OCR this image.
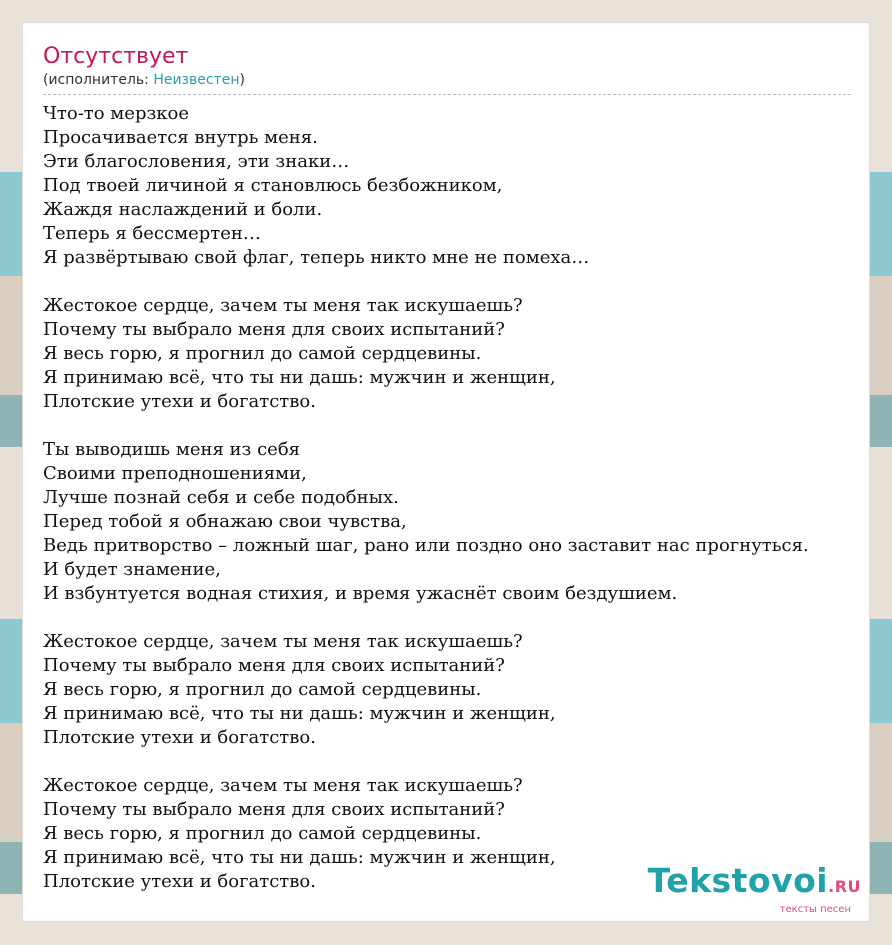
Отсутствует
(исполнитель: Неизвестен)
Что-то мерзкое
Просачивается внутрь меня.
Эти благословения, эти знаки…
Под твоей личиной я становлюсь безбожником,
Жаждя наслаждений и боли.
Теперь я бессмертен…
Я развёртываю свой флаг, теперь никто мне не помеха…
Жестокое сердце, зачем ты меня так искушаешь?
Почему ты выбрало меня для своих испытаний?
Я весь горю, я прогнил до самой сердцевины.
Я принимаю всё, что ты ни дашь: мужчин и женщин,
Плотские утехи и богатство.
Ты выводишь меня из себя
Своими преподношениями,
Лучше познай себя и себе подобных.
Перед тобой я обнажаю свои чувства,
Ведь притворство – ложный шаг, рано или поздно оно заставит нас прогнуться.
И будет знамение,
И взбунтуется водная стихия, и время ужаснёт своим бездушием.
Жестокое сердце, зачем ты меня так искушаешь?
Почему ты выбрало меня для своих испытаний?
Я весь горю, я прогнил до самой сердцевины.
Я принимаю всё, что ты ни дашь: мужчин и женщин,
Плотские утехи и богатство.
Жестокое сердце, зачем ты меня так искушаешь?
Почему ты выбрало меня для своих испытаний?
Я весь горю, я прогнил до самой сердцевины.
Я принимаю всё, что ты ни дашь: мужчин и женщин,
Плотские утехи и богатство.	Tekstovoi.RU
тексты песен
